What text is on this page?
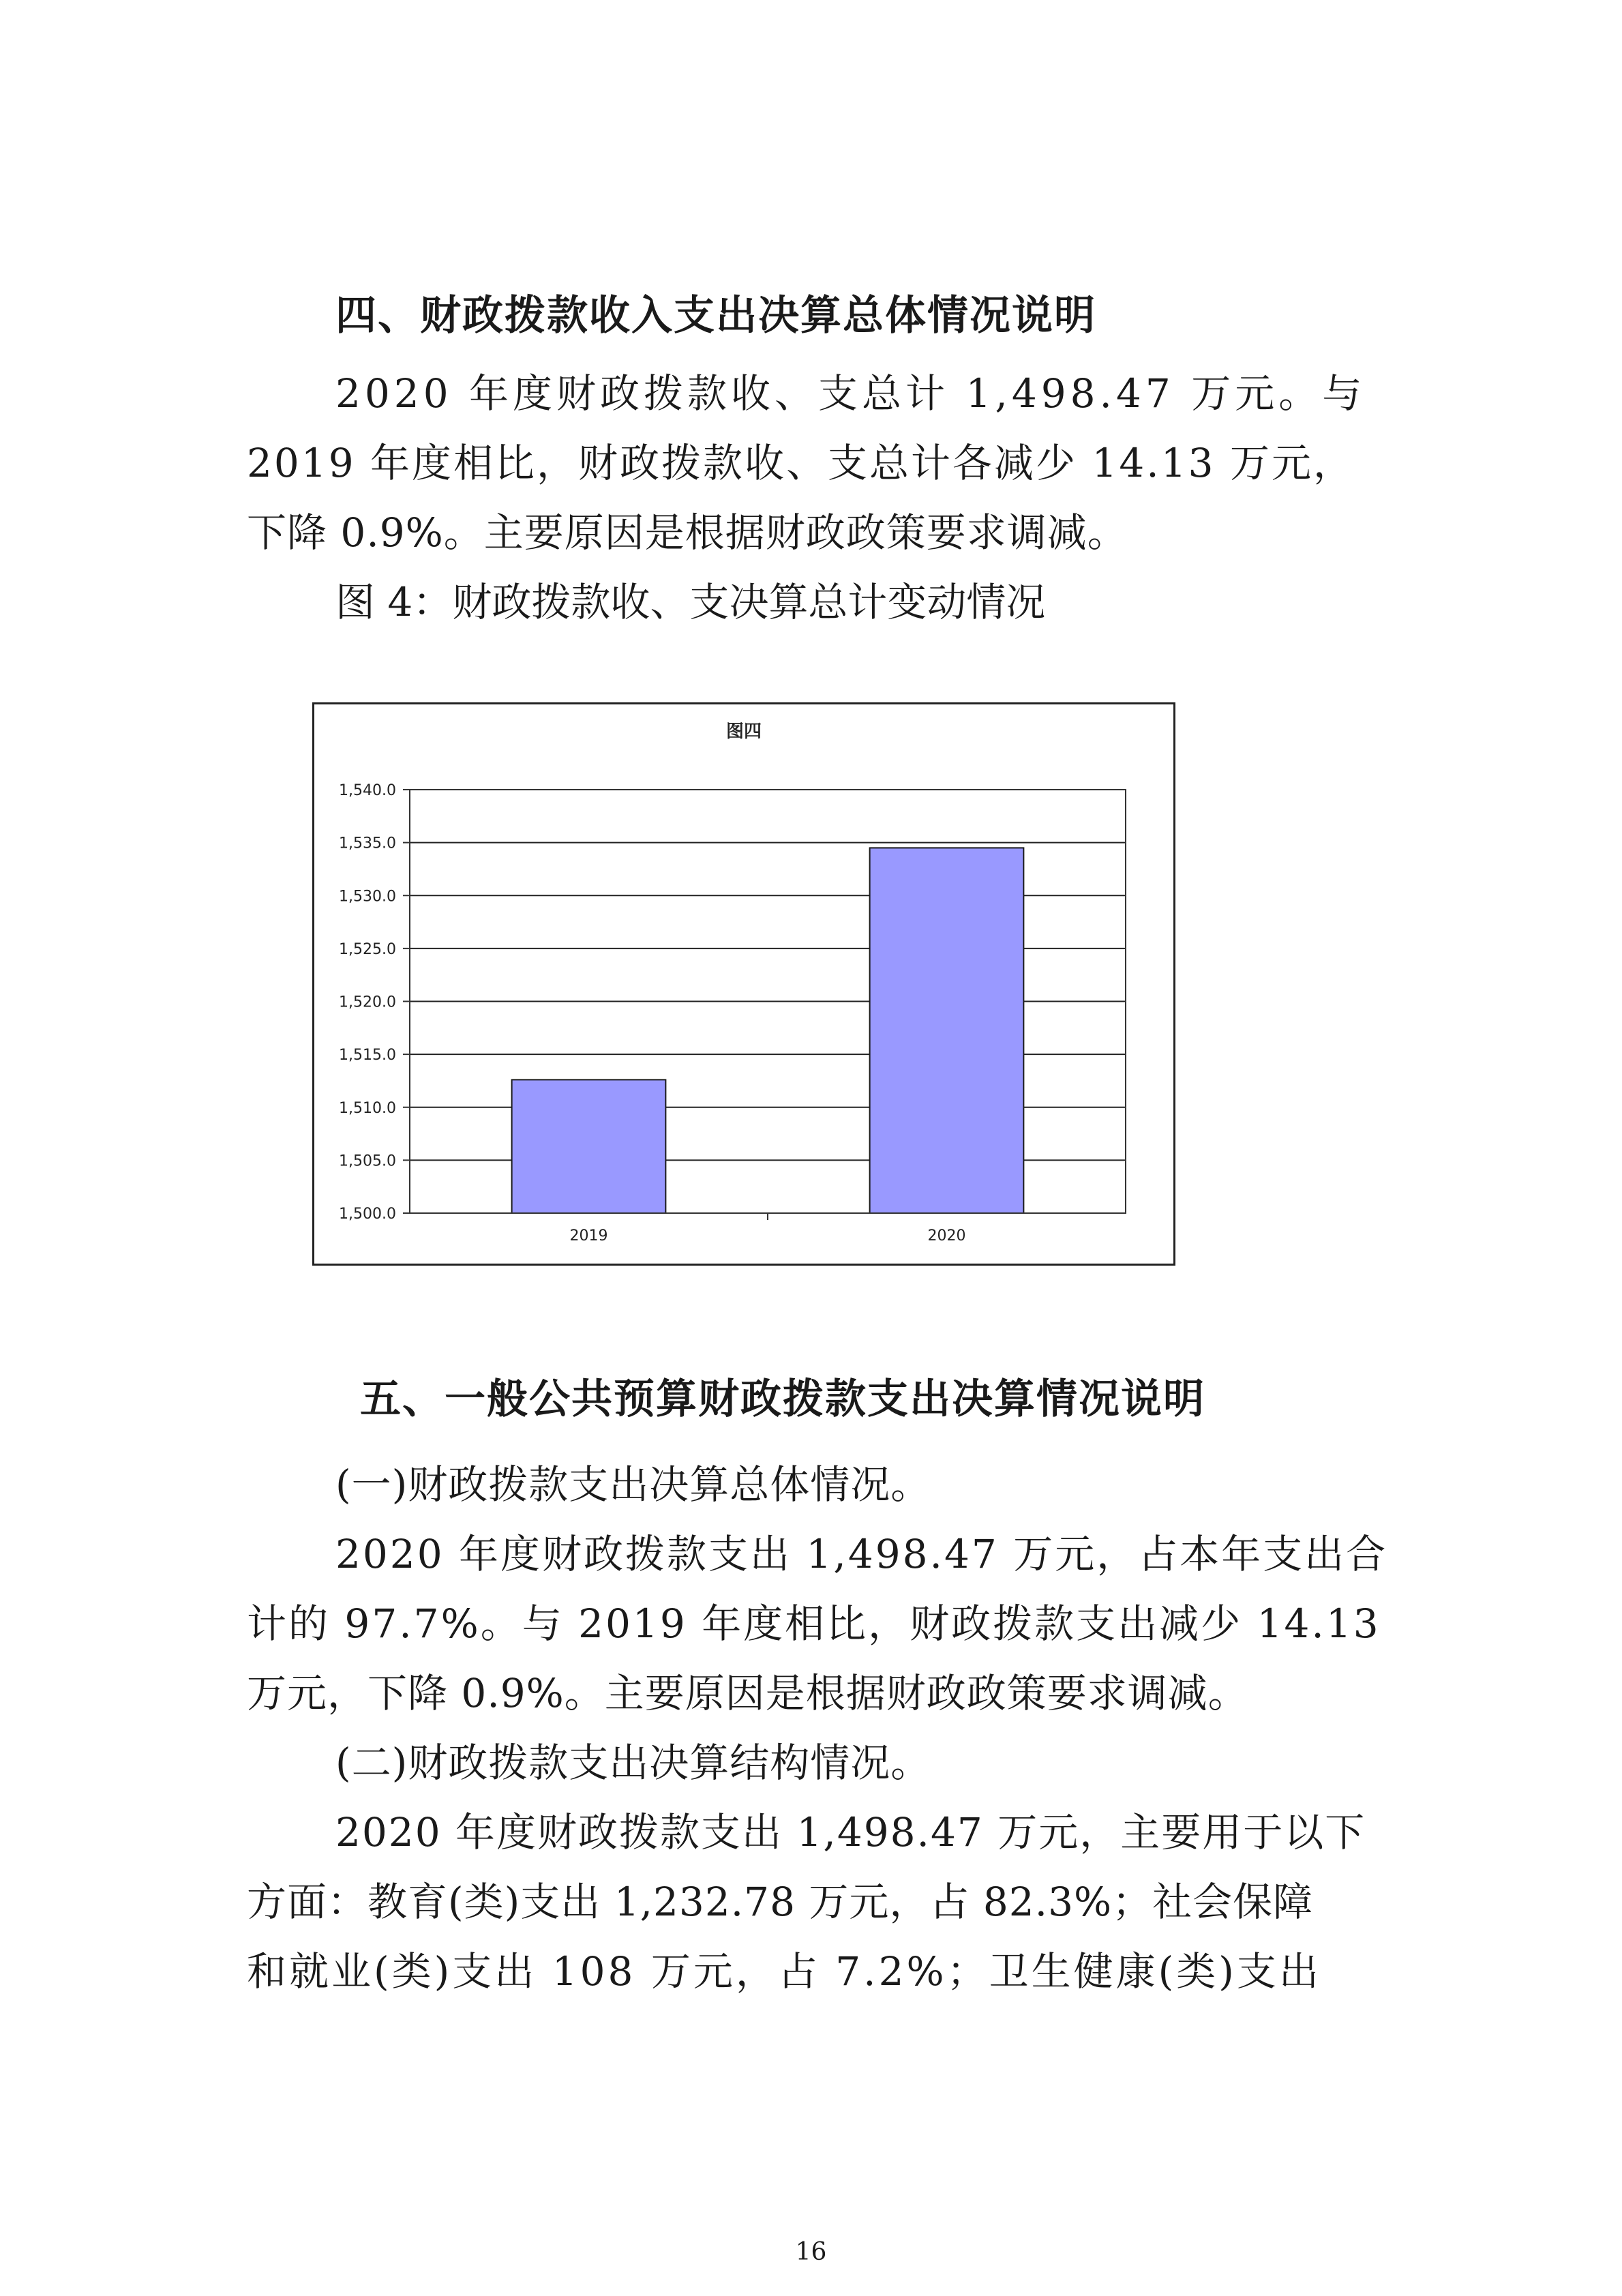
四、财政拨款收入支出决算总体情况说明

2020 年度财政拨款收、支总计 1,498.47 万元。与

2019 年度相比，财政拨款收、支总计各减少 14.13 万元，

下降 0.9%。主要原因是根据财政政策要求调减。

图 4：财政拨款收、支决算总计变动情况

图四
1,500.0
1,505.0
1,510.0
1,515.0
1,520.0
1,525.0
1,530.0
1,535.0
1,540.0
2019	2020
五、一般公共预算财政拨款支出决算情况说明

(一)财政拨款支出决算总体情况。

2020 年度财政拨款支出 1,498.47 万元，占本年支出合

计的 97.7%。与 2019 年度相比，财政拨款支出减少 14.13

万元，下降 0.9%。主要原因是根据财政政策要求调减。

(二)财政拨款支出决算结构情况。

2020 年度财政拨款支出 1,498.47 万元，主要用于以下

方面：教育(类)支出 1,232.78 万元，占 82.3%；社会保障

和就业(类)支出 108 万元，占 7.2%；卫生健康(类)支出

16
